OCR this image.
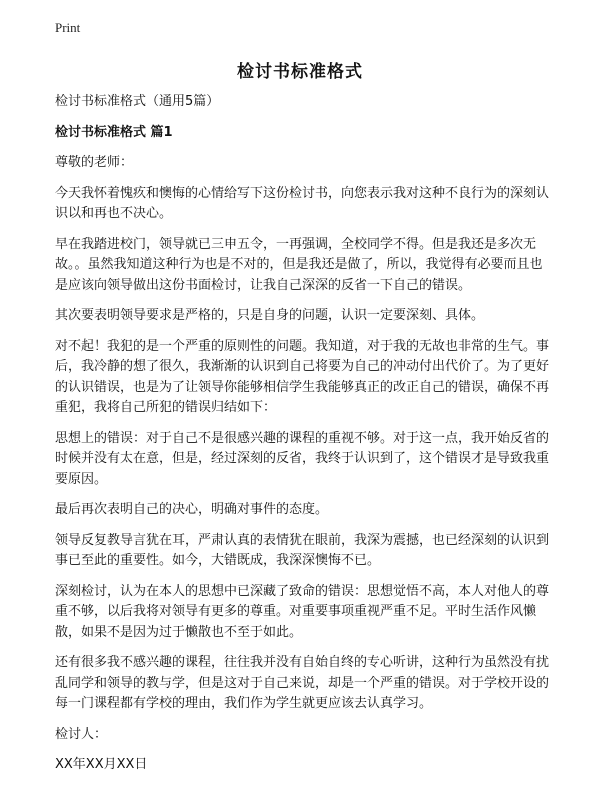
Print
检讨书标准格式
检讨书标准格式（通用5篇）
检讨书标准格式 篇1
尊敬的老师：
今天我怀着愧疚和懊悔的心情给写下这份检讨书，向您表示我对这种不良行为的深刻认识以和再也不决心。
早在我踏进校门，领导就已三申五令，一再强调，全校同学不得。但是我还是多次无故。。虽然我知道这种行为也是不对的，但是我还是做了，所以，我觉得有必要而且也是应该向领导做出这份书面检讨，让我自己深深的反省一下自己的错误。
其次要表明领导要求是严格的，只是自身的问题，认识一定要深刻、具体。
对不起！我犯的是一个严重的原则性的问题。我知道，对于我的无故也非常的生气。事后，我冷静的想了很久，我渐渐的认识到自己将要为自己的冲动付出代价了。为了更好的认识错误，也是为了让领导你能够相信学生我能够真正的改正自己的错误，确保不再重犯，我将自己所犯的错误归结如下：
思想上的错误：对于自己不是很感兴趣的课程的重视不够。对于这一点，我开始反省的时候并没有太在意，但是，经过深刻的反省，我终于认识到了，这个错误才是导致我重要原因。
最后再次表明自己的决心，明确对事件的态度。
领导反复教导言犹在耳，严肃认真的表情犹在眼前，我深为震撼，也已经深刻的认识到事已至此的重要性。如今，大错既成，我深深懊悔不已。
深刻检讨，认为在本人的思想中已深藏了致命的错误：思想觉悟不高，本人对他人的尊重不够，以后我将对领导有更多的尊重。对重要事项重视严重不足。平时生活作风懒散，如果不是因为过于懒散也不至于如此。
还有很多我不感兴趣的课程，往往我并没有自始自终的专心听讲，这种行为虽然没有扰乱同学和领导的教与学，但是这对于自己来说，却是一个严重的错误。对于学校开设的每一门课程都有学校的理由，我们作为学生就更应该去认真学习。
检讨人：
XX年XX月XX日
